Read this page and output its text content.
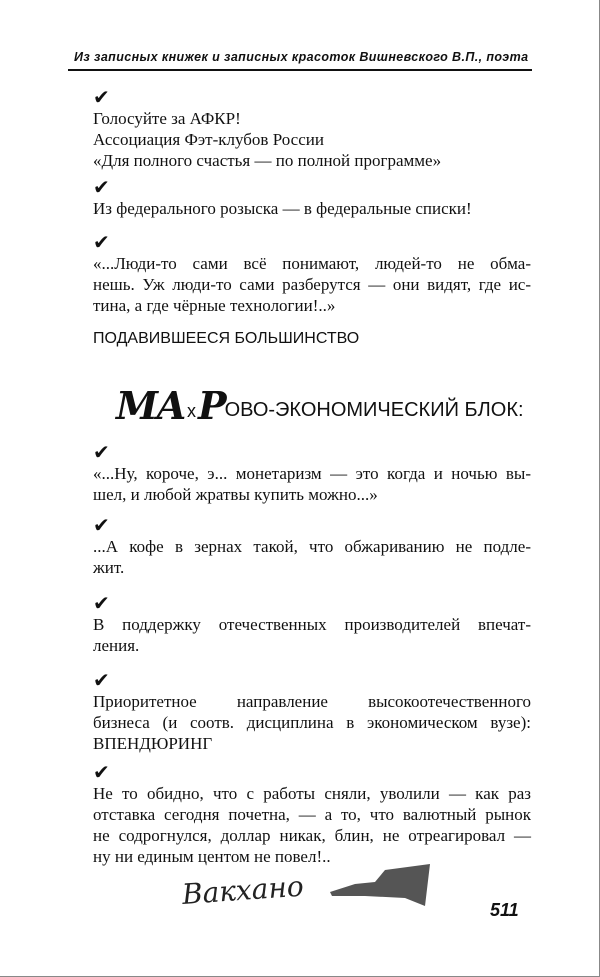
Из записных книжек и записных красоток Вишневского В.П., поэта
✔
Голосуйте за АФКР!
Ассоциация Фэт-клубов России
«Для полного счастья — по полной программе»
✔
Из федерального розыска — в федеральные списки!
✔
«...Люди-то сами всё понимают, людей-то не обма-
нешь. Уж люди-то сами разберутся — они видят, где ис-
тина, а где чёрные технологии!..»
✔
«...Ну, короче, э... монетаризм — это когда и ночью вы-
шел, и любой жратвы купить можно...»
✔
...А кофе в зернах такой, что обжариванию не подле-
жит.
✔
В поддержку отечественных производителей впечат-
ления.
✔
Приоритетное направление высокоотечественного
бизнеса (и соотв. дисциплина в экономическом вузе):
ВПЕНДЮРИНГ
✔
Не то обидно, что с работы сняли, уволили — как раз
отставка сегодня почетна, — а то, что валютный рынок
не содрогнулся, доллар никак, блин, не отреагировал —
ну ни единым центом не повел!..
ПОДАВИВШЕЕСЯ БОЛЬШИНСТВО
МА х Р ОВО-ЭКОНОМИЧЕСКИЙ БЛОК:
Вакхано	511
